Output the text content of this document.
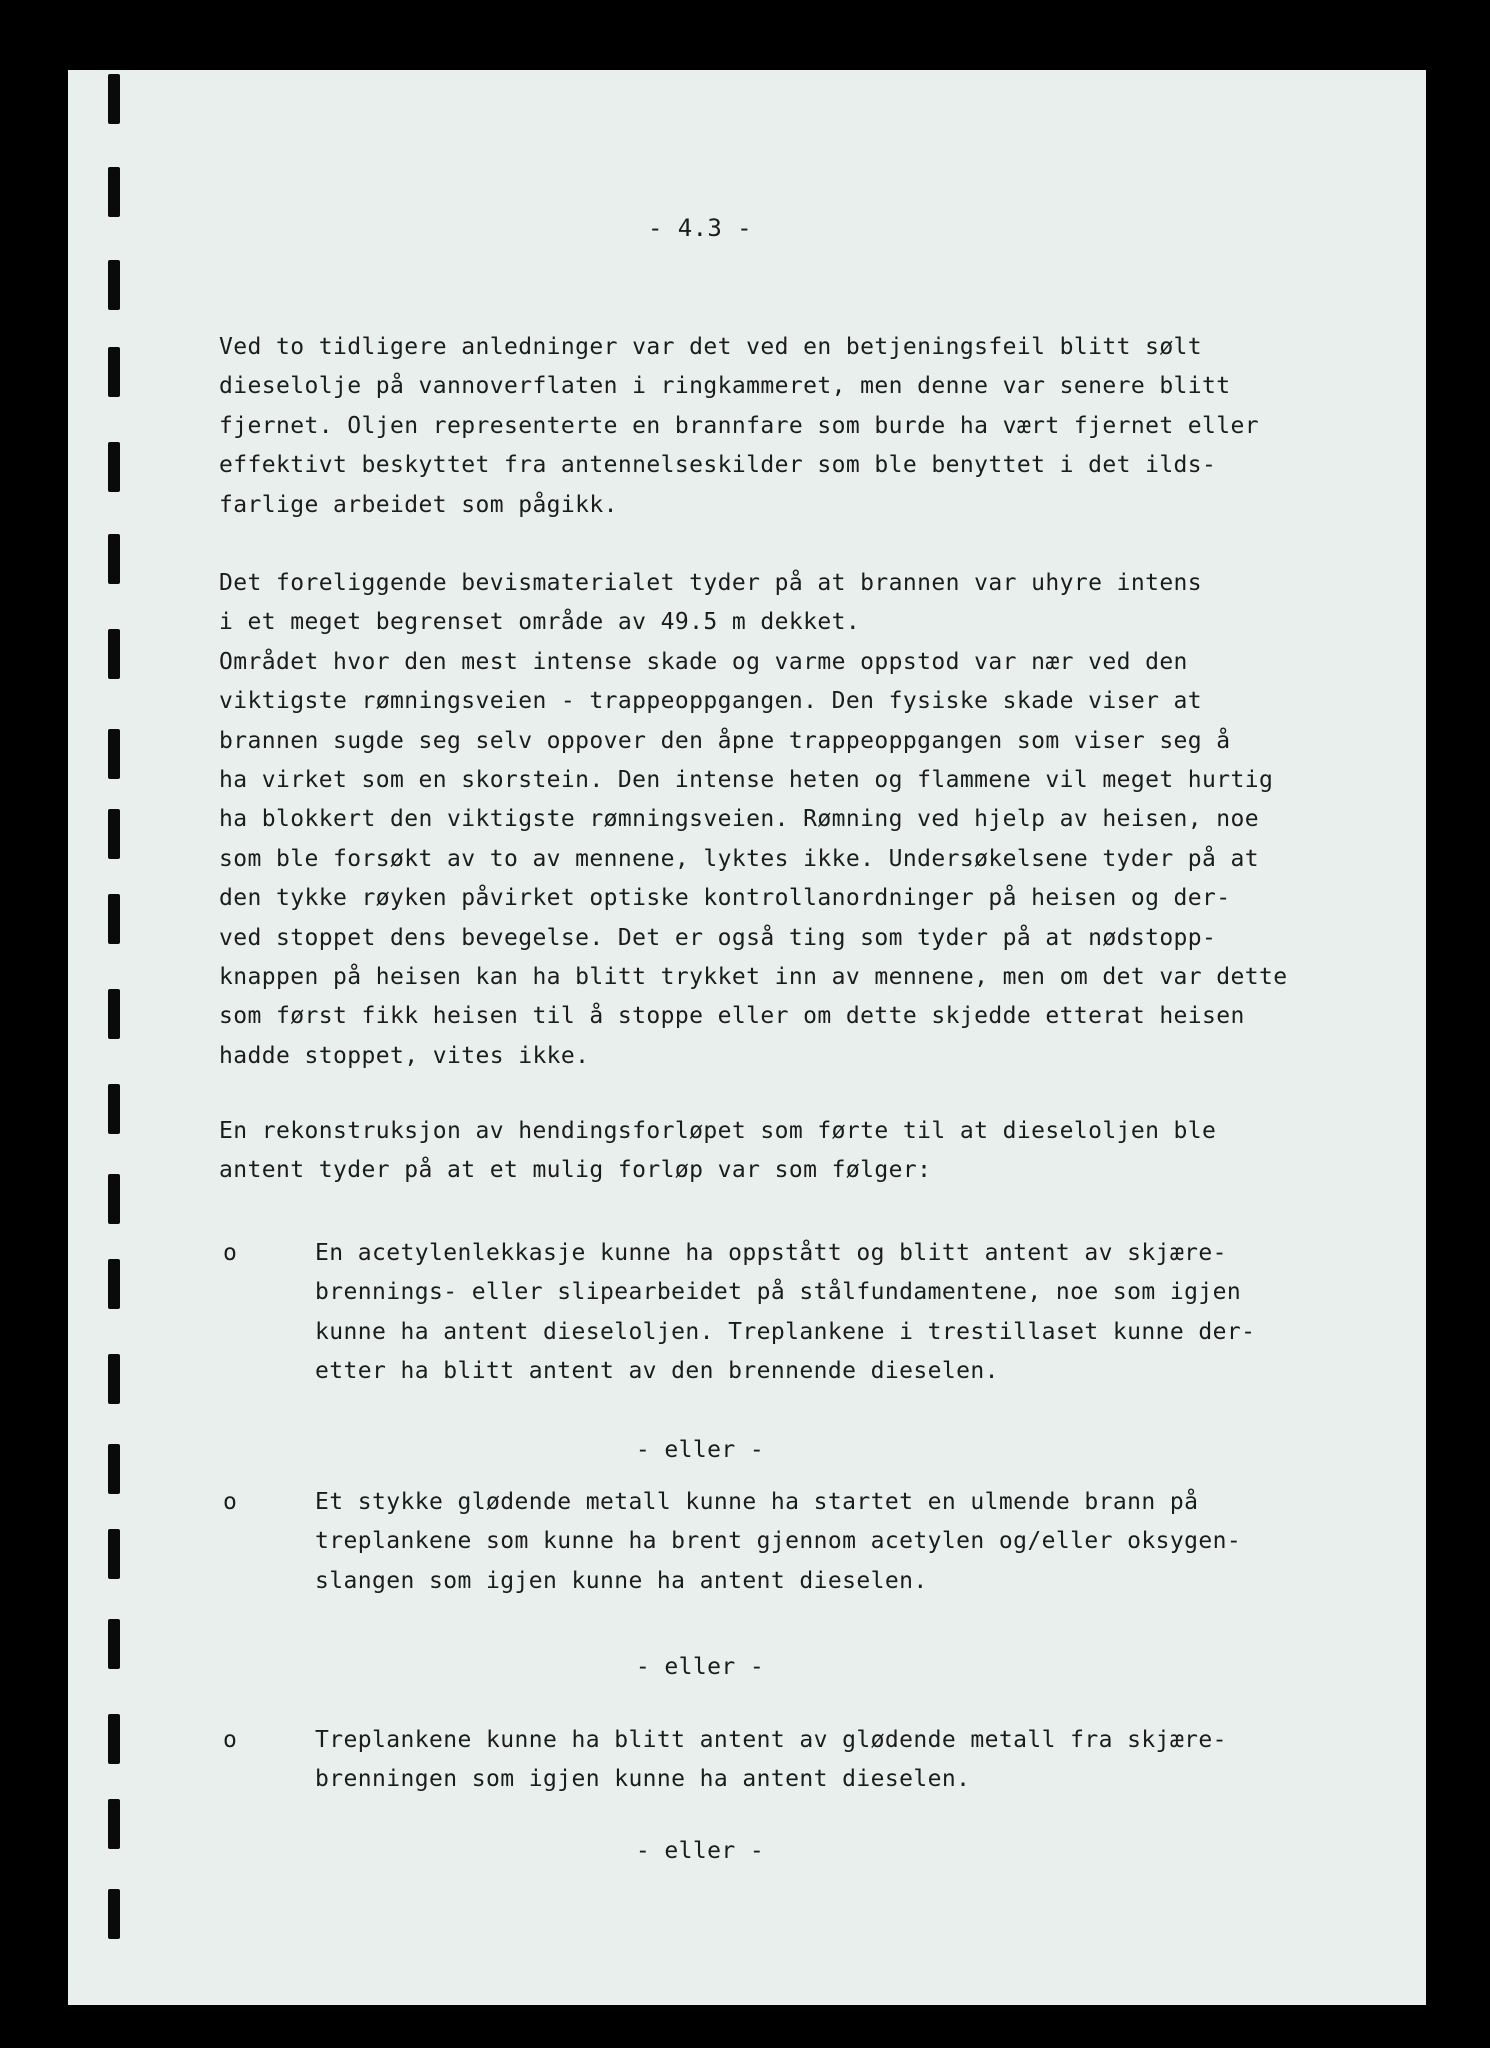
- 4.3 -

Ved to tidligere anledninger var det ved en betjeningsfeil blitt sølt
dieselolje på vannoverflaten i ringkammeret, men denne var senere blitt
fjernet. Oljen representerte en brannfare som burde ha vært fjernet eller
effektivt beskyttet fra antennelseskilder som ble benyttet i det ilds-
farlige arbeidet som pågikk.

Det foreliggende bevismaterialet tyder på at brannen var uhyre intens
i et meget begrenset område av 49.5 m dekket.
Området hvor den mest intense skade og varme oppstod var nær ved den
viktigste rømningsveien - trappeoppgangen. Den fysiske skade viser at
brannen sugde seg selv oppover den åpne trappeoppgangen som viser seg å
ha virket som en skorstein. Den intense heten og flammene vil meget hurtig
ha blokkert den viktigste rømningsveien. Rømning ved hjelp av heisen, noe
som ble forsøkt av to av mennene, lyktes ikke. Undersøkelsene tyder på at
den tykke røyken påvirket optiske kontrollanordninger på heisen og der-
ved stoppet dens bevegelse. Det er også ting som tyder på at nødstopp-
knappen på heisen kan ha blitt trykket inn av mennene, men om det var dette
som først fikk heisen til å stoppe eller om dette skjedde etterat heisen
hadde stoppet, vites ikke.

En rekonstruksjon av hendingsforløpet som førte til at dieseloljen ble
antent tyder på at et mulig forløp var som følger:

o	En acetylenlekkasje kunne ha oppstått og blitt antent av skjære-
brennings- eller slipearbeidet på stålfundamentene, noe som igjen
kunne ha antent dieseloljen. Treplankene i trestillaset kunne der-
etter ha blitt antent av den brennende dieselen.
- eller -
o	Et stykke glødende metall kunne ha startet en ulmende brann på
treplankene som kunne ha brent gjennom acetylen og/eller oksygen-
slangen som igjen kunne ha antent dieselen.
- eller -
o	Treplankene kunne ha blitt antent av glødende metall fra skjære-
brenningen som igjen kunne ha antent dieselen.
- eller -
